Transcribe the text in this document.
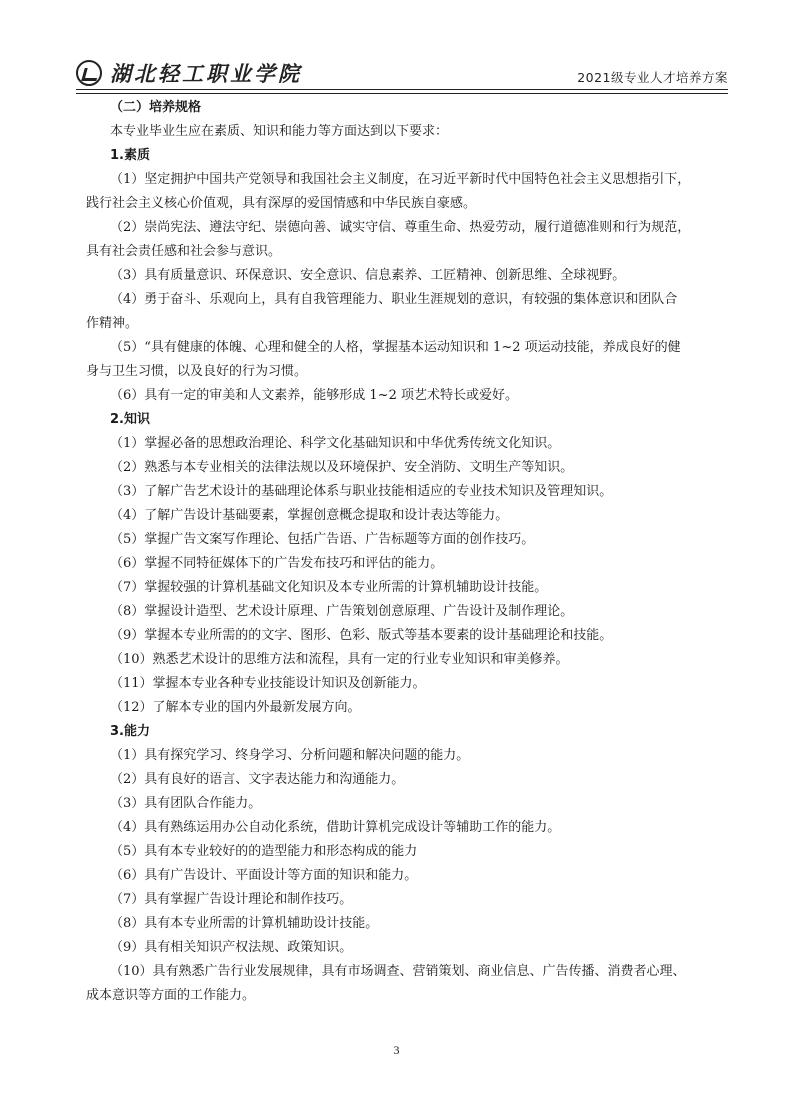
湖北轻工职业学院	2021级专业人才培养方案
（二）培养规格
本专业毕业生应在素质、知识和能力等方面达到以下要求：
1.素质
（1）坚定拥护中国共产党领导和我国社会主义制度，在习近平新时代中国特色社会主义思想指引下，
践行社会主义核心价值观，具有深厚的爱国情感和中华民族自豪感。
（2）崇尚宪法、遵法守纪、崇德向善、诚实守信、尊重生命、热爱劳动，履行道德准则和行为规范，
具有社会责任感和社会参与意识。
（3）具有质量意识、环保意识、安全意识、信息素养、工匠精神、创新思维、全球视野。
（4）勇于奋斗、乐观向上，具有自我管理能力、职业生涯规划的意识，有较强的集体意识和团队合
作精神。
（5）“具有健康的体魄、心理和健全的人格，掌握基本运动知识和 1~2 项运动技能，养成良好的健
身与卫生习惯，以及良好的行为习惯。
（6）具有一定的审美和人文素养，能够形成 1~2 项艺术特长或爱好。
2.知识
（1）掌握必备的思想政治理论、科学文化基础知识和中华优秀传统文化知识。
（2）熟悉与本专业相关的法律法规以及环境保护、安全消防、文明生产等知识。
（3）了解广告艺术设计的基础理论体系与职业技能相适应的专业技术知识及管理知识。
（4）了解广告设计基础要素，掌握创意概念提取和设计表达等能力。
（5）掌握广告文案写作理论、包括广告语、广告标题等方面的创作技巧。
（6）掌握不同特征媒体下的广告发布技巧和评估的能力。
（7）掌握较强的计算机基础文化知识及本专业所需的计算机辅助设计技能。
（8）掌握设计造型、艺术设计原理、广告策划创意原理、广告设计及制作理论。
（9）掌握本专业所需的的文字、图形、色彩、版式等基本要素的设计基础理论和技能。
（10）熟悉艺术设计的思维方法和流程，具有一定的行业专业知识和审美修养。
（11）掌握本专业各种专业技能设计知识及创新能力。
（12）了解本专业的国内外最新发展方向。
3.能力
（1）具有探究学习、终身学习、分析问题和解决问题的能力。
（2）具有良好的语言、文字表达能力和沟通能力。
（3）具有团队合作能力。
（4）具有熟练运用办公自动化系统，借助计算机完成设计等辅助工作的能力。
（5）具有本专业较好的的造型能力和形态构成的能力
（6）具有广告设计、平面设计等方面的知识和能力。
（7）具有掌握广告设计理论和制作技巧。
（8）具有本专业所需的计算机辅助设计技能。
（9）具有相关知识产权法规、政策知识。
（10）具有熟悉广告行业发展规律，具有市场调查、营销策划、商业信息、广告传播、消费者心理、
成本意识等方面的工作能力。
3
